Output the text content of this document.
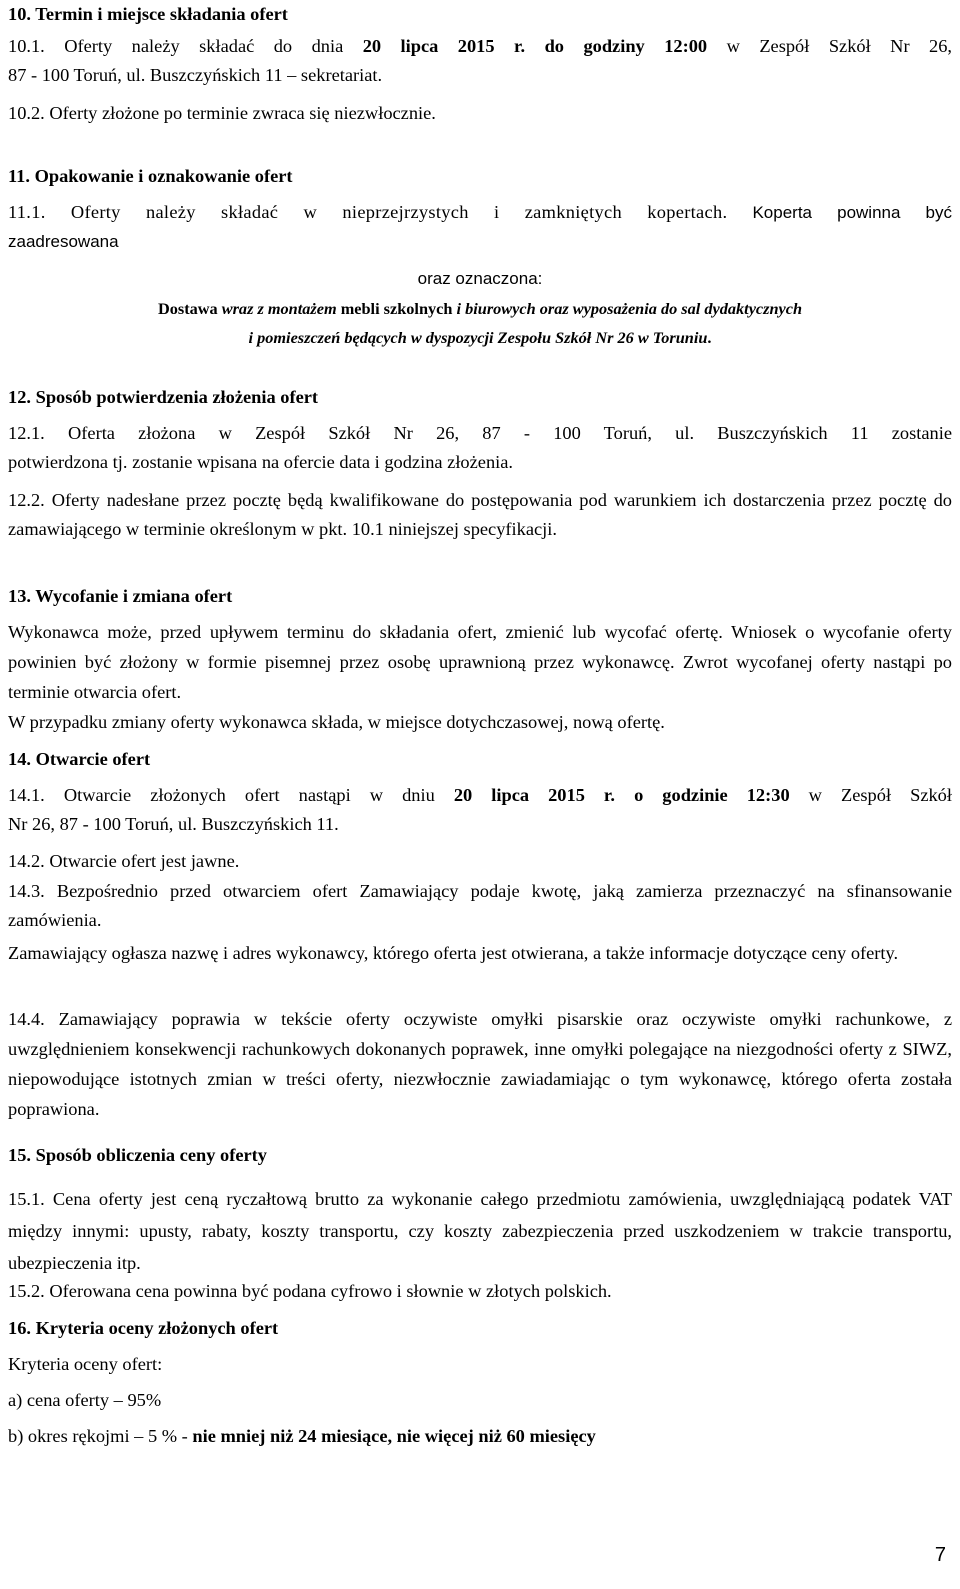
10. Termin i miejsce składania ofert

10.1. Oferty należy składać do dnia 20 lipca 2015 r. do godziny 12:00 w Zespół Szkół Nr 26,

87 - 100 Toruń, ul. Buszczyńskich 11 – sekretariat.

10.2. Oferty złożone po terminie zwraca się niezwłocznie.

11. Opakowanie i oznakowanie ofert

11.1. Oferty należy składać w nieprzejrzystych i zamkniętych kopertach. Koperta powinna być

zaadresowana

oraz oznaczona:

Dostawa wraz z montażem mebli szkolnych i biurowych oraz wyposażenia do sal dydaktycznych

i pomieszczeń będących w dyspozycji Zespołu Szkół Nr 26 w Toruniu.

12. Sposób potwierdzenia złożenia ofert

12.1. Oferta złożona w Zespół Szkół Nr 26, 87 - 100 Toruń, ul. Buszczyńskich 11 zostanie

potwierdzona tj. zostanie wpisana na ofercie data i godzina złożenia.

12.2. Oferty nadesłane przez pocztę będą kwalifikowane do postępowania pod warunkiem ich dostarczenia przez pocztę do zamawiającego w terminie określonym w pkt. 10.1 niniejszej specyfikacji.

13. Wycofanie i zmiana ofert

Wykonawca może, przed upływem terminu do składania ofert, zmienić lub wycofać ofertę. Wniosek o wycofanie oferty powinien być złożony w formie pisemnej przez osobę uprawnioną przez wykonawcę. Zwrot wycofanej oferty nastąpi po terminie otwarcia ofert.

W przypadku zmiany oferty wykonawca składa, w miejsce dotychczasowej, nową ofertę.

14. Otwarcie ofert

14.1. Otwarcie złożonych ofert nastąpi w dniu 20 lipca 2015 r. o godzinie 12:30 w Zespół Szkół

Nr 26, 87 - 100 Toruń, ul. Buszczyńskich 11.

14.2. Otwarcie ofert jest jawne.

14.3. Bezpośrednio przed otwarciem ofert Zamawiający podaje kwotę, jaką zamierza przeznaczyć na sfinansowanie zamówienia.

Zamawiający ogłasza nazwę i adres wykonawcy, którego oferta jest otwierana, a także informacje dotyczące ceny oferty.

14.4. Zamawiający poprawia w tekście oferty oczywiste omyłki pisarskie oraz oczywiste omyłki rachunkowe, z uwzględnieniem konsekwencji rachunkowych dokonanych poprawek, inne omyłki polegające na niezgodności oferty z SIWZ, niepowodujące istotnych zmian w treści oferty, niezwłocznie zawiadamiając o tym wykonawcę, którego oferta została poprawiona.

15. Sposób obliczenia ceny oferty

15.1. Cena oferty jest ceną ryczałtową brutto za wykonanie całego przedmiotu zamówienia, uwzględniającą podatek VAT między innymi: upusty, rabaty, koszty transportu, czy koszty zabezpieczenia przed uszkodzeniem w trakcie transportu, ubezpieczenia itp.

15.2. Oferowana cena powinna być podana cyfrowo i słownie w złotych polskich.

16. Kryteria oceny złożonych ofert

Kryteria oceny ofert:

a) cena oferty – 95%

b) okres rękojmi – 5 % - nie mniej niż 24 miesiące, nie więcej niż 60 miesięcy

7
